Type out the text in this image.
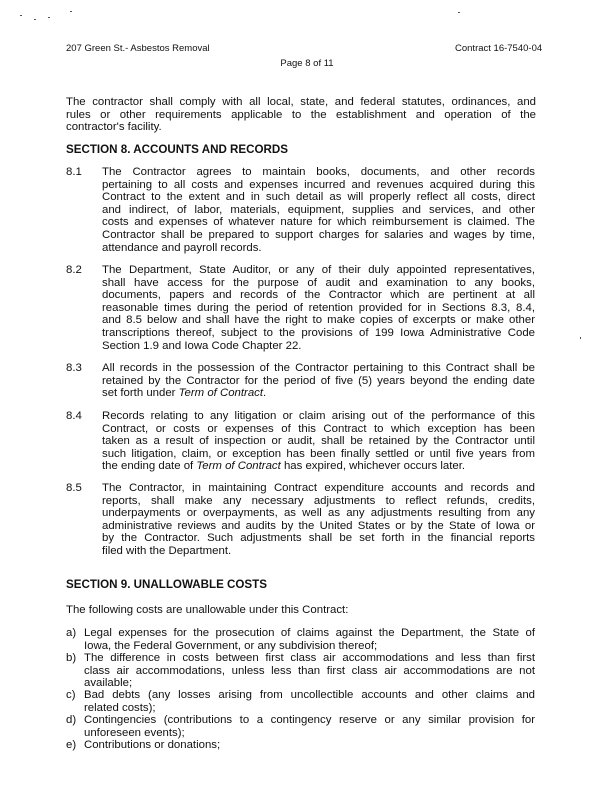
207 Green St.- Asbestos Removal	Contract 16-7540-04
Page 8 of 11
The contractor shall comply with all local, state, and federal statutes, ordinances, and
rules or other requirements applicable to the establishment and operation of the
contractor's facility.
SECTION 8. ACCOUNTS AND RECORDS
8.1 The Contractor agrees to maintain books, documents, and other records
pertaining to all costs and expenses incurred and revenues acquired during this
Contract to the extent and in such detail as will properly reflect all costs, direct
and indirect, of labor, materials, equipment, supplies and services, and other
costs and expenses of whatever nature for which reimbursement is claimed. The
Contractor shall be prepared to support charges for salaries and wages by time,
attendance and payroll records.
8.2 The Department, State Auditor, or any of their duly appointed representatives,
shall have access for the purpose of audit and examination to any books,
documents, papers and records of the Contractor which are pertinent at all
reasonable times during the period of retention provided for in Sections 8.3, 8.4,
and 8.5 below and shall have the right to make copies of excerpts or make other
transcriptions thereof, subject to the provisions of 199 Iowa Administrative Code
Section 1.9 and Iowa Code Chapter 22.
8.3 All records in the possession of the Contractor pertaining to this Contract shall be
retained by the Contractor for the period of five (5) years beyond the ending date
set forth under Term of Contract.
8.4 Records relating to any litigation or claim arising out of the performance of this
Contract, or costs or expenses of this Contract to which exception has been
taken as a result of inspection or audit, shall be retained by the Contractor until
such litigation, claim, or exception has been finally settled or until five years from
the ending date of Term of Contract has expired, whichever occurs later.
8.5 The Contractor, in maintaining Contract expenditure accounts and records and
reports, shall make any necessary adjustments to reflect refunds, credits,
underpayments or overpayments, as well as any adjustments resulting from any
administrative reviews and audits by the United States or by the State of Iowa or
by the Contractor. Such adjustments shall be set forth in the financial reports
filed with the Department.
SECTION 9. UNALLOWABLE COSTS
The following costs are unallowable under this Contract:
a) Legal expenses for the prosecution of claims against the Department, the State of
Iowa, the Federal Government, or any subdivision thereof;
b) The difference in costs between first class air accommodations and less than first
class air accommodations, unless less than first class air accommodations are not
available;
c) Bad debts (any losses arising from uncollectible accounts and other claims and
related costs);
d) Contingencies (contributions to a contingency reserve or any similar provision for
unforeseen events);
e) Contributions or donations;
